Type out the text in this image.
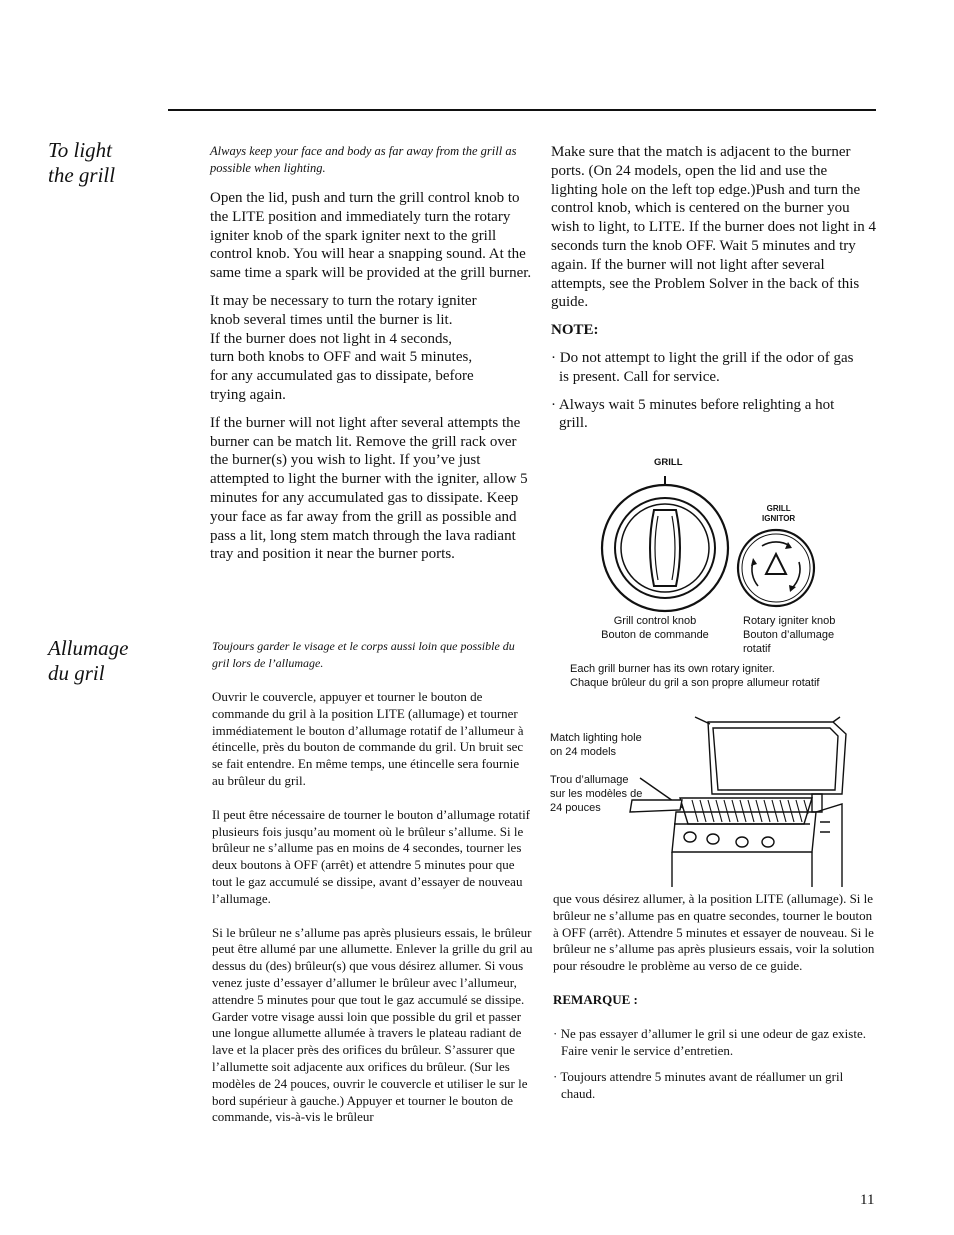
To light
the grill

Always keep your face and body as far away from the grill as possible when lighting.

Open the lid, push and turn the grill control knob to the LITE position and immediately turn the rotary igniter knob of the spark igniter next to the grill control knob. You will hear a snapping sound. At the same time a spark will be provided at the grill burner.

It may be necessary to turn the rotary igniter
knob several times until the burner is lit.
If the burner does not light in 4 seconds,
turn both knobs to OFF and wait 5 minutes,
for any accumulated gas to dissipate, before
trying again.

If the burner will not light after several attempts the burner can be match lit. Remove the grill rack over the burner(s) you wish to light. If you’ve just attempted to light the burner with the igniter, allow 5 minutes for any accumulated gas to dissipate. Keep your face as far away from the grill as possible and pass a lit, long stem match through the lava radiant tray and position it near the burner ports.

Make sure that the match is adjacent to the burner ports. (On 24 models, open the lid and use the lighting hole on the left top edge.)Push and turn the control knob, which is centered on the burner you wish to light, to LITE. If the burner does not light in 4 seconds turn the knob OFF. Wait 5 minutes and try again. If the burner will not light after several attempts, see the Problem Solver in the back of this guide.

NOTE:

· Do not attempt to light the grill if the odor of gas is present. Call for service.

· Always wait 5 minutes before relighting a hot grill.

GRILL
GRILL
IGNITOR
Grill control knob
Bouton de commande
Rotary igniter knob
Bouton d’allumage
rotatif
Each grill burner has its own rotary igniter.
Chaque brûleur du gril a son propre allumeur rotatif
Match lighting hole
on 24 models
Trou d’allumage
sur les modèles de
24 pouces
Allumage
du gril

Toujours garder le visage et le corps aussi loin que possible du gril lors de l’allumage.

Ouvrir le couvercle, appuyer et tourner le bouton de commande du gril à la position LITE (allumage) et tourner immédiatement le bouton d’allumage rotatif de l’allumeur à étincelle, près du bouton de commande du gril. Un bruit sec se fait entendre. En même temps, une étincelle sera fournie au brûleur du gril.

Il peut être nécessaire de tourner le bouton d’allumage rotatif plusieurs fois jusqu’au moment où le brûleur s’allume. Si le brûleur ne s’allume pas en moins de 4 secondes, tourner les deux boutons à OFF (arrêt) et attendre 5 minutes pour que tout le gaz accumulé se dissipe, avant d’essayer de nouveau l’allumage.

Si le brûleur ne s’allume pas après plusieurs essais, le brûleur peut être allumé par une allumette. Enlever la grille du gril au dessus du (des) brûleur(s) que vous désirez allumer. Si vous venez juste d’essayer d’allumer le brûleur avec l’allumeur, attendre 5 minutes pour que tout le gaz accumulé se dissipe. Garder votre visage aussi loin que possible du gril et passer une longue allumette allumée à travers le plateau radiant de lave et la placer près des orifices du brûleur. S’assurer que l’allumette soit adjacente aux orifices du brûleur. (Sur les modèles de 24 pouces, ouvrir le couvercle et utiliser le sur le bord supérieur à gauche.) Appuyer et tourner le bouton de commande, vis-à-vis le brûleur

que vous désirez allumer, à la position LITE (allumage). Si le brûleur ne s’allume pas en quatre secondes, tourner le bouton à OFF (arrêt). Attendre 5 minutes et essayer de nouveau. Si le brûleur ne s’allume pas après plusieurs essais, voir la solution pour résoudre le problème au verso de ce guide.

REMARQUE :

· Ne pas essayer d’allumer le gril si une odeur de gaz existe. Faire venir le service d’entretien.

· Toujours attendre 5 minutes avant de réallumer un gril chaud.

11
